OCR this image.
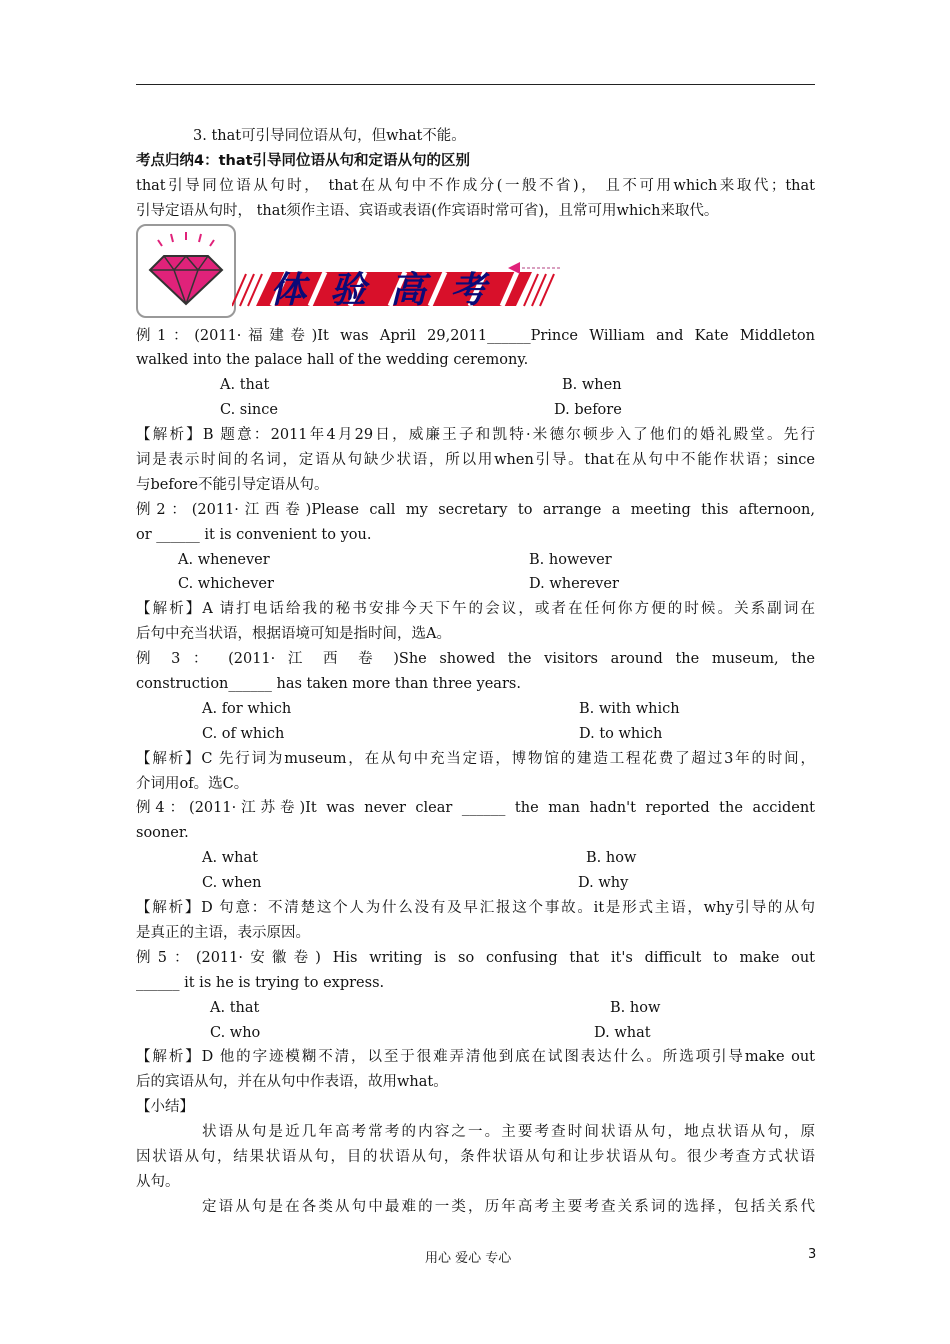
3. that可引导同位语从句，但what不能。
考点归纳4：that引导同位语从句和定语从句的区别
that引导同位语从句时， that在从句中不作成分(一般不省)， 且不可用which来取代；that
引导定语从句时， that须作主语、宾语或表语(作宾语时常可省)，且常可用which来取代。
体 验 高 考
例1：(2011·福建卷)It was April 29,2011______Prince William and Kate Middleton
walked into the palace hall of the wedding ceremony.
A. that	B. when
C. since	D. before
【解析】B 题意：2011年4月29日，威廉王子和凯特·米德尔顿步入了他们的婚礼殿堂。先行
词是表示时间的名词，定语从句缺少状语，所以用when引导。that在从句中不能作状语；since
与before不能引导定语从句。
例2：(2011·江西卷)Please call my secretary to arrange a meeting this afternoon,
or ______ it is convenient to you.
A. whenever	B. however
C. whichever	D. wherever
【解析】A 请打电话给我的秘书安排今天下午的会议，或者在任何你方便的时候。关系副词在
后句中充当状语，根据语境可知是指时间，选A。
例 3 ： (2011· 江 西 卷 )She showed the visitors around the museum, the
construction______ has taken more than three years.
A. for which	B. with which
C. of which	D. to which
【解析】C 先行词为museum，在从句中充当定语，博物馆的建造工程花费了超过3年的时间，
介词用of。选C。
例4：(2011·江苏卷)It was never clear ______ the man hadn't reported the accident
sooner.
A. what	B. how
C. when	D. why
【解析】D 句意：不清楚这个人为什么没有及早汇报这个事故。it是形式主语，why引导的从句
是真正的主语，表示原因。
例5：(2011·安徽卷) His writing is so confusing that it's difficult to make out
______ it is he is trying to express.
A. that	B. how
C. who	D. what
【解析】D 他的字迹模糊不清，以至于很难弄清他到底在试图表达什么。所选项引导make out
后的宾语从句，并在从句中作表语，故用what。
【小结】
状语从句是近几年高考常考的内容之一。主要考查时间状语从句，地点状语从句，原
因状语从句，结果状语从句，目的状语从句，条件状语从句和让步状语从句。很少考查方式状语
从句。
定语从句是在各类从句中最难的一类，历年高考主要考查关系词的选择，包括关系代
用心 爱心 专心	3
